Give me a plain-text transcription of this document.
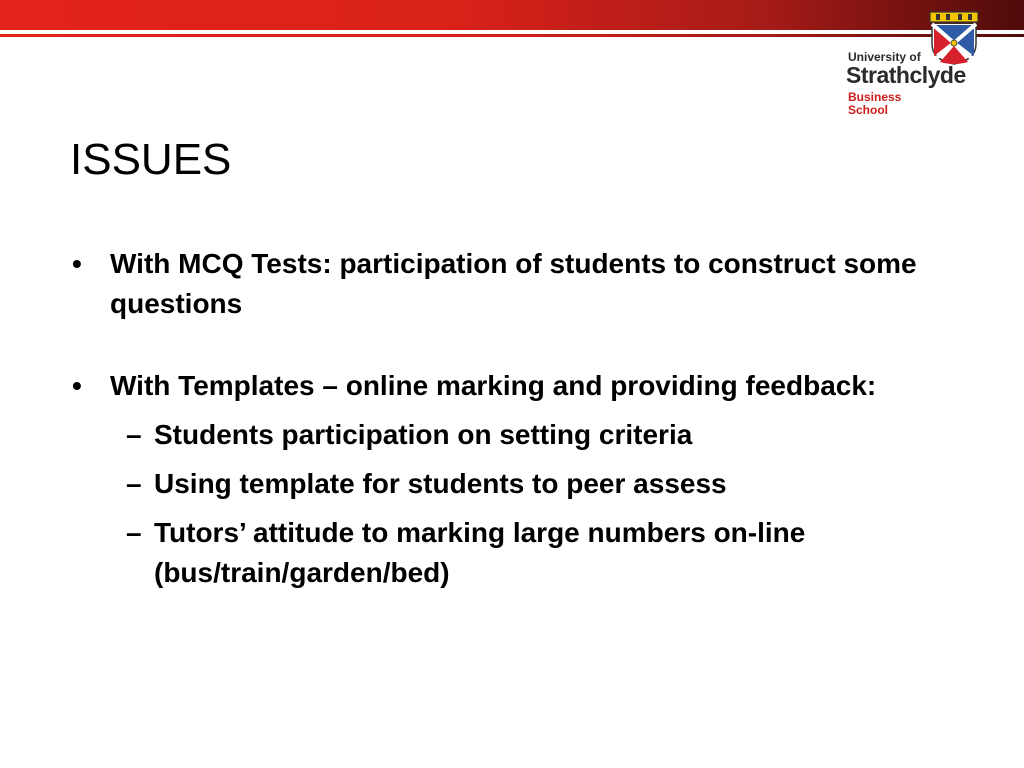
University of
Strathclyde
Business
School
ISSUES
• With MCQ Tests: participation of students to construct some questions
• With Templates – online marking and providing feedback:
– Students participation on setting criteria
– Using template for students to peer assess
– Tutors’ attitude to marking large numbers on-line (bus/train/garden/bed)
